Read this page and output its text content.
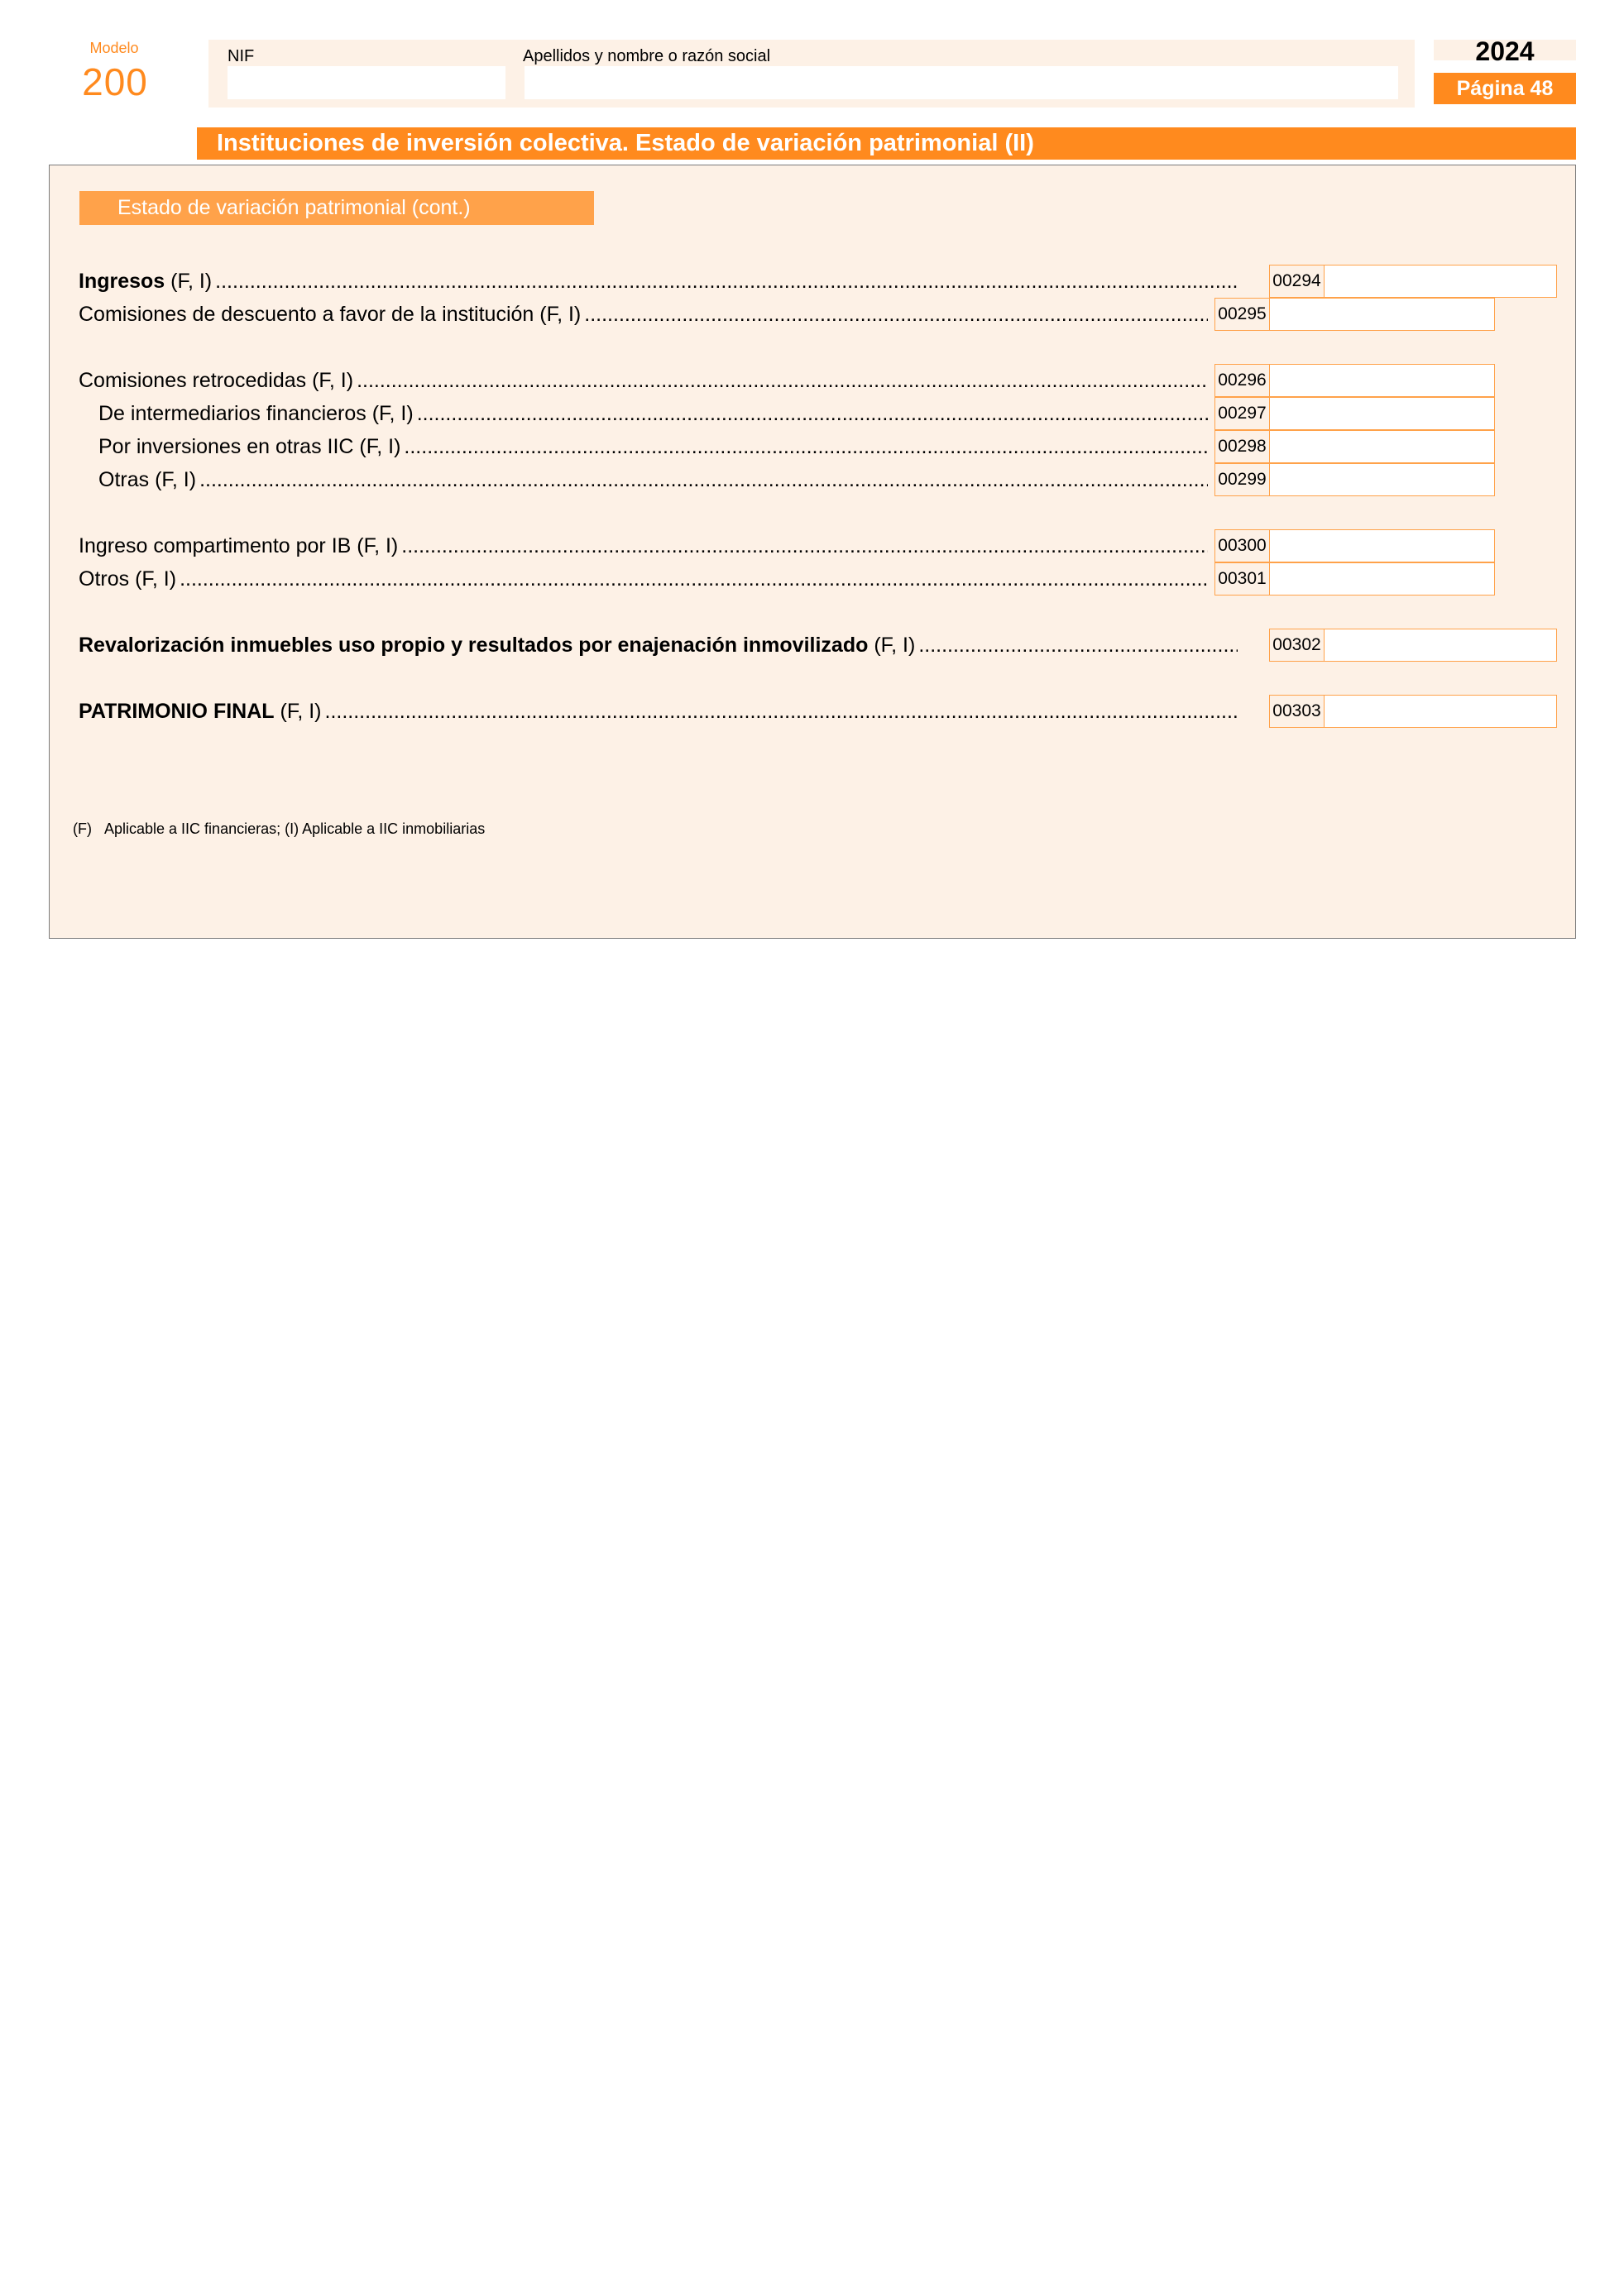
Modelo
200
NIF	Apellidos y nombre o razón social	2024
Página 48
Instituciones de inversión colectiva. Estado de variación patrimonial (II)
Estado de variación patrimonial (cont.)
Ingresos (F, I) .....	00294
Comisiones de descuento a favor de la institución (F, I) .....	00295
Comisiones retrocedidas (F, I) .....	00296
De intermediarios financieros (F, I) .....	00297
Por inversiones en otras IIC (F, I) .....	00298
Otras (F, I) .....	00299
Ingreso compartimento por IB (F, I) .....	00300
Otros (F, I) .....	00301
Revalorización inmuebles uso propio y resultados por enajenación inmovilizado (F, I) .....	00302
PATRIMONIO FINAL (F, I) .....	00303
(F) Aplicable a IIC financieras; (I) Aplicable a IIC inmobiliarias
